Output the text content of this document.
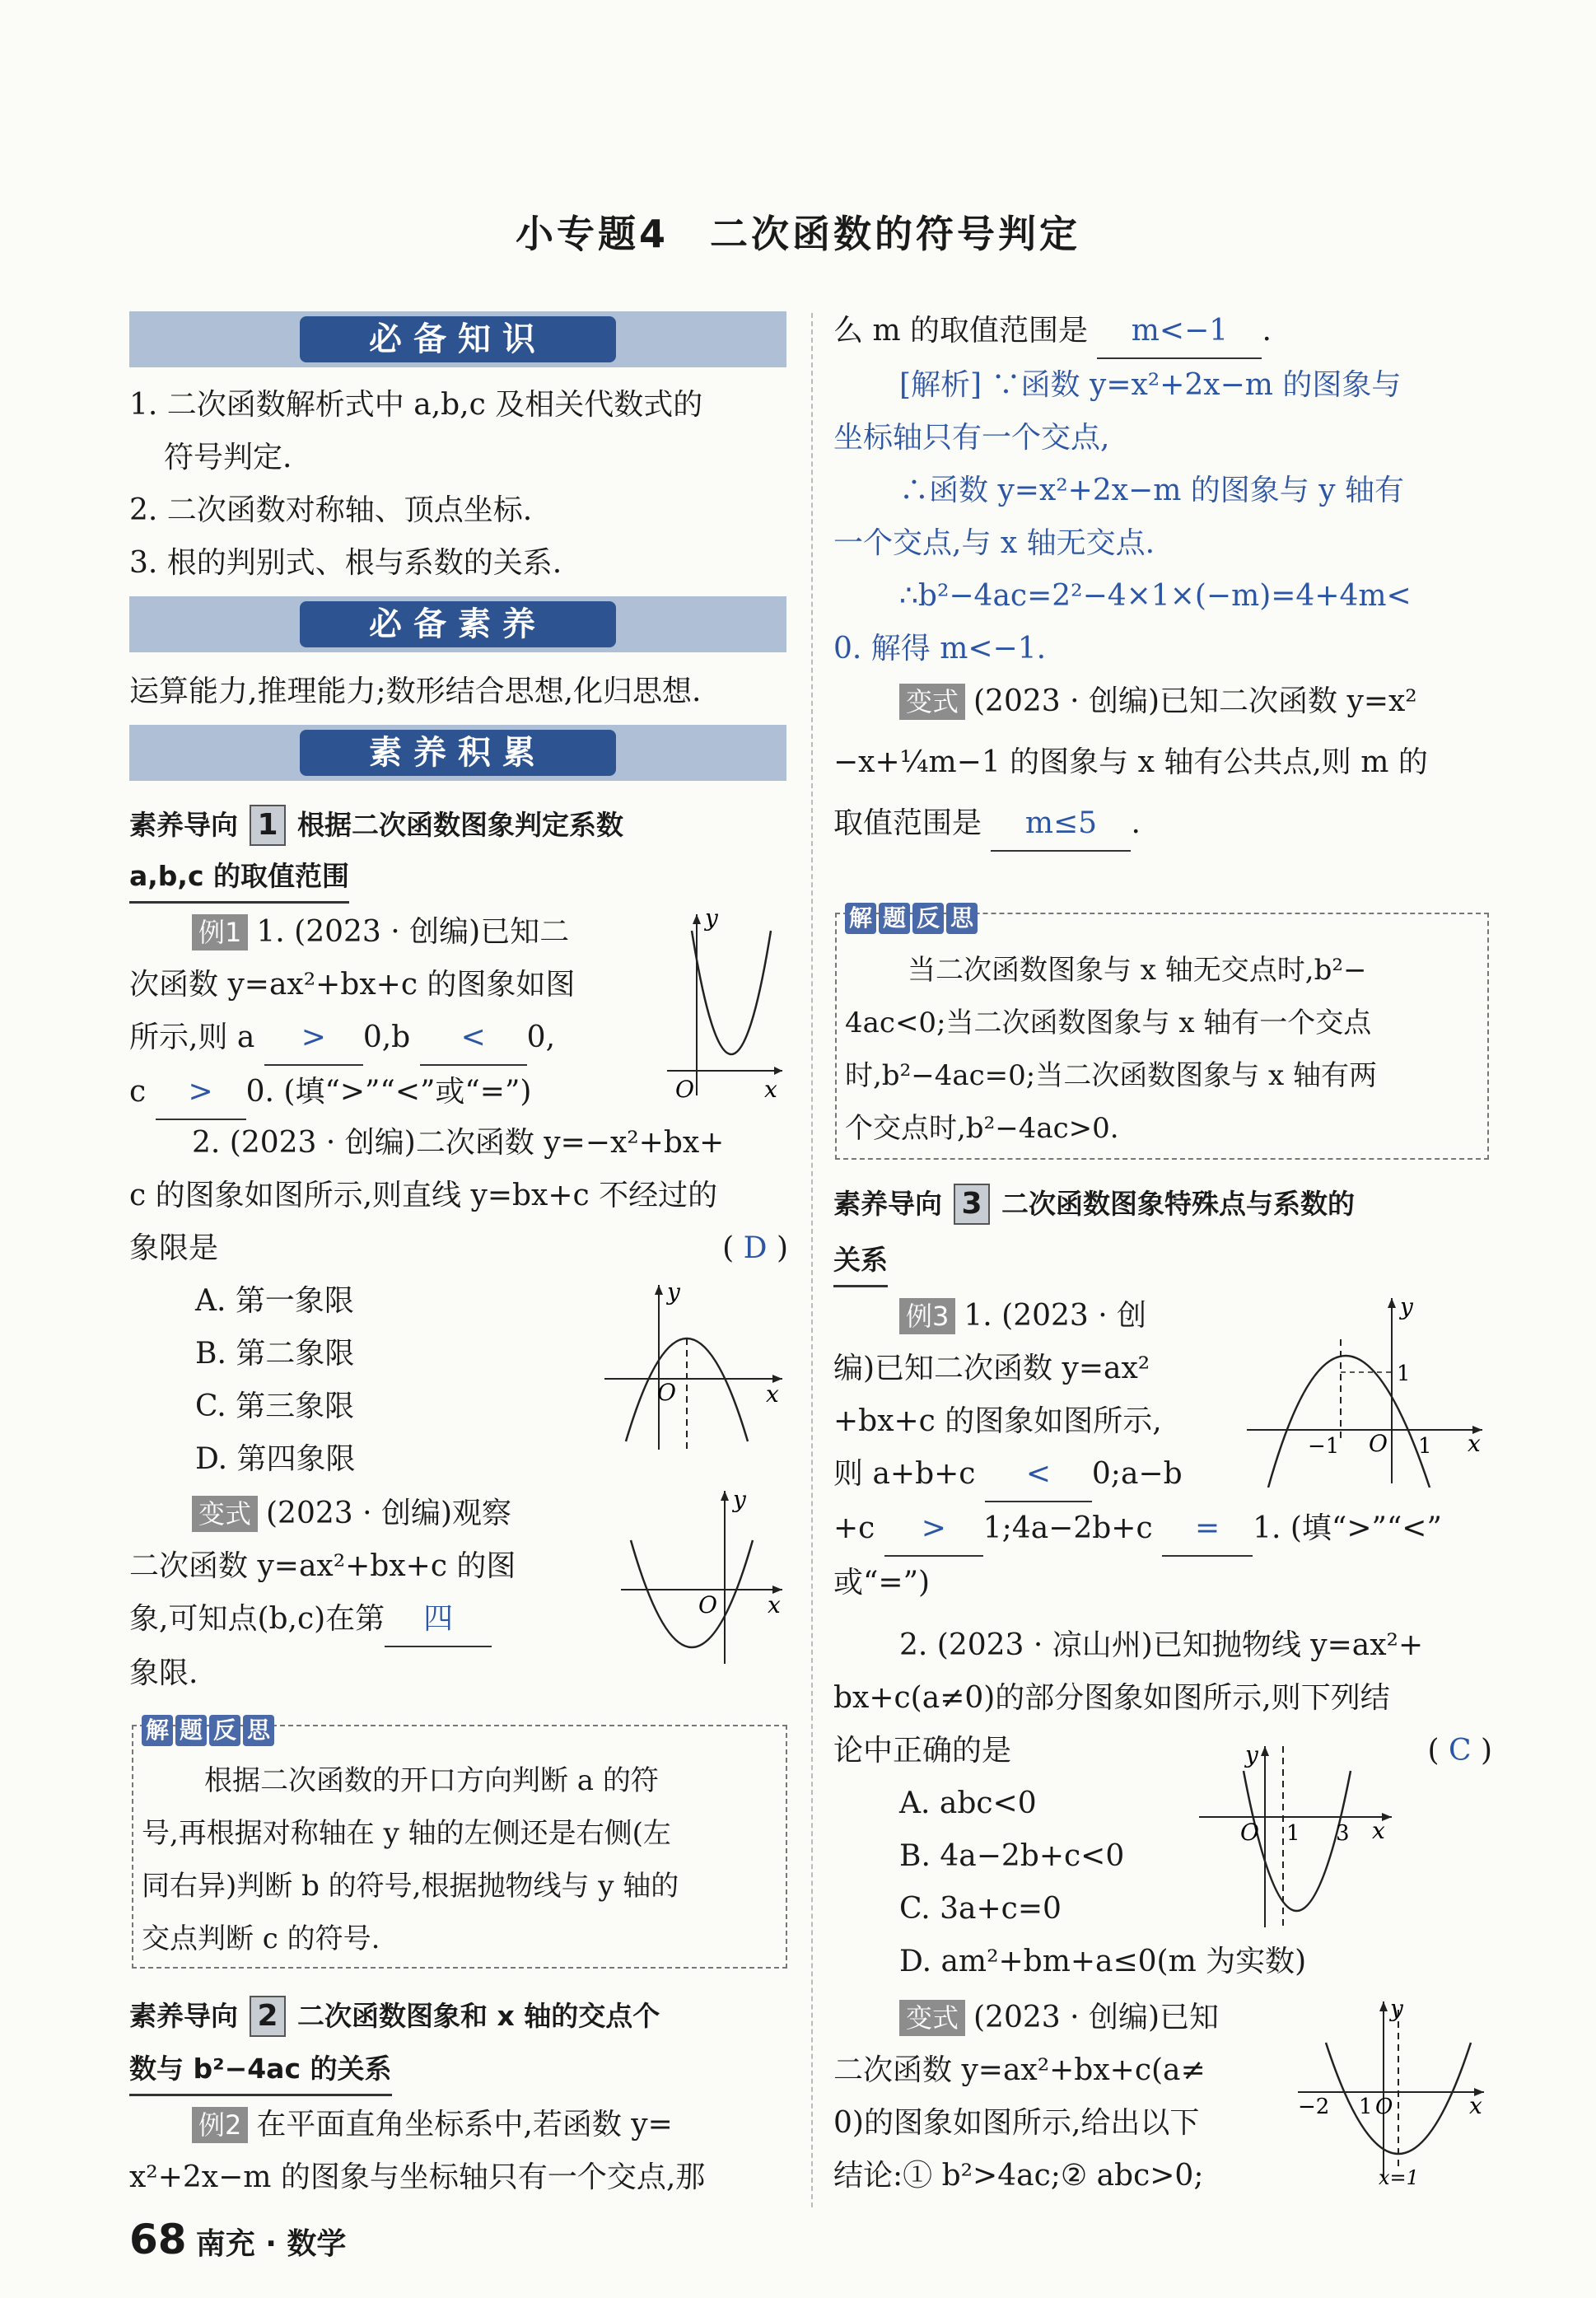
小专题4　二次函数的符号判定
必备知识
1. 二次函数解析式中 a,b,c 及相关代数式的
符号判定.
2. 二次函数对称轴、顶点坐标.
3. 根的判别式、根与系数的关系.
必备素养
运算能力,推理能力;数形结合思想,化归思想.
素养积累
素养导向 1 根据二次函数图象判定系数
a,b,c 的取值范围
例1 1. (2023 · 创编)已知二
次函数 y=ax²+bx+c 的图象如图
所示,则 a > 0,b < 0,
c > 0. (填“>”“<”或“=”)
y
x
O
2. (2023 · 创编)二次函数 y=−x²+bx+
c 的图象如图所示,则直线 y=bx+c 不经过的
象限是	( D )
A. 第一象限
B. 第二象限
C. 第三象限
D. 第四象限
y
x
O
变式 (2023 · 创编)观察
二次函数 y=ax²+bx+c 的图
象,可知点(b,c)在第 四
象限.
y
x
O
解 题 反 思
根据二次函数的开口方向判断 a 的符
号,再根据对称轴在 y 轴的左侧还是右侧(左
同右异)判断 b 的符号,根据抛物线与 y 轴的
交点判断 c 的符号.
素养导向 2 二次函数图象和 x 轴的交点个
数与 b²−4ac 的关系
例2 在平面直角坐标系中,若函数 y=
x²+2x−m 的图象与坐标轴只有一个交点,那
68 南充 · 数学
么 m 的取值范围是 m<−1 .
[解析] ∵函数 y=x²+2x−m 的图象与
坐标轴只有一个交点,
∴函数 y=x²+2x−m 的图象与 y 轴有
一个交点,与 x 轴无交点.
∴b²−4ac=2²−4×1×(−m)=4+4m<
0. 解得 m<−1.
变式 (2023 · 创编)已知二次函数 y=x²
−x+¼m−1 的图象与 x 轴有公共点,则 m 的
取值范围是 m≤5 .
解 题 反 思
当二次函数图象与 x 轴无交点时,b²−
4ac<0;当二次函数图象与 x 轴有一个交点
时,b²−4ac=0;当二次函数图象与 x 轴有两
个交点时,b²−4ac>0.
素养导向 3 二次函数图象特殊点与系数的
关系
例3 1. (2023 · 创
编)已知二次函数 y=ax²
+bx+c 的图象如图所示,
则 a+b+c < 0;a−b
+c > 1;4a−2b+c = 1. (填“>”“<”
或“=”)
y
x
O
−1	1
1
2. (2023 · 凉山州)已知抛物线 y=ax²+
bx+c(a≠0)的部分图象如图所示,则下列结
论中正确的是	( C )
A. abc<0
B. 4a−2b+c<0
C. 3a+c=0
D. am²+bm+a≤0(m 为实数)
y
x
O 1 3
变式 (2023 · 创编)已知
二次函数 y=ax²+bx+c(a≠
0)的图象如图所示,给出以下
结论:① b²>4ac;② abc>0;
y
x
O
−2 1
x=1
